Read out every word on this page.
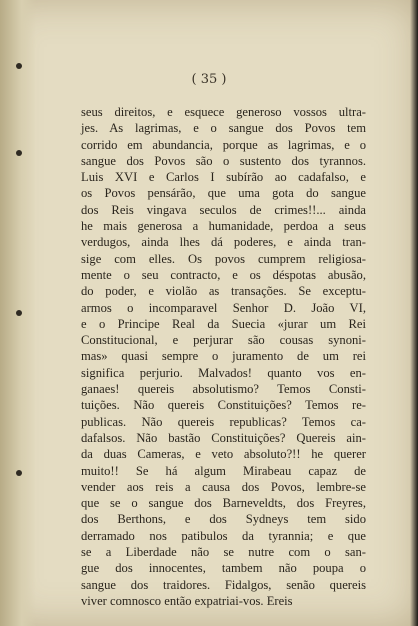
( 35 )
seus direitos, e esquece generoso vossos ultra-
jes. As lagrimas, e o sangue dos Povos tem
corrido em abundancia, porque as lagrimas, e o
sangue dos Povos são o sustento dos tyrannos.
Luis XVI e Carlos I subírão ao cadafalso, e
os Povos pensárão, que uma gota do sangue
dos Reis vingava seculos de crimes!!... ainda
he mais generosa a humanidade, perdoa a seus
verdugos, ainda lhes dá poderes, e ainda tran-
sige com elles. Os povos cumprem religiosa-
mente o seu contracto, e os déspotas abusão,
do poder, e violão as transações. Se exceptu-
armos o incomparavel Senhor D. João VI,
e o Principe Real da Suecia «jurar um Rei
Constitucional, e perjurar são cousas synoni-
mas» quasi sempre o juramento de um rei
significa perjurio. Malvados! quanto vos en-
ganaes! quereis absolutismo? Temos Consti-
tuições. Não quereis Constituições? Temos re-
publicas. Não quereis republicas? Temos ca-
dafalsos. Não bastão Constituições? Quereis ain-
da duas Cameras, e veto absoluto?!! he querer
muito!! Se há algum Mirabeau capaz de
vender aos reis a causa dos Povos, lembre-se
que se o sangue dos Barneveldts, dos Freyres,
dos Berthons, e dos Sydneys tem sido
derramado nos patibulos da tyrannia; e que
se a Liberdade não se nutre com o san-
gue dos innocentes, tambem não poupa o
sangue dos traidores. Fidalgos, senão quereis
viver comnosco então expatriai-vos. Ereis
